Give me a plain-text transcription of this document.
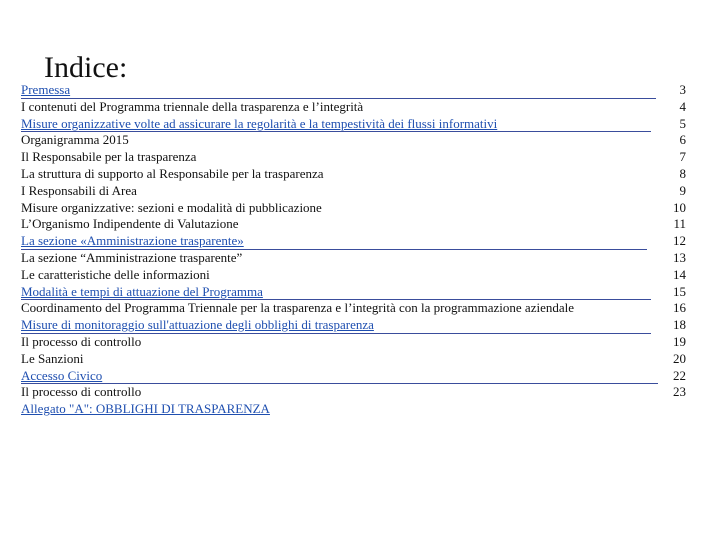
Indice:
Premessa	3
I contenuti del Programma triennale della trasparenza e l’integrità	4
Misure organizzative volte ad assicurare la regolarità e la tempestività dei flussi informativi	5
Organigramma 2015	6
Il Responsabile per la trasparenza	7
La struttura di supporto al Responsabile per la trasparenza	8
I Responsabili di Area	9
Misure organizzative: sezioni e modalità di pubblicazione	10
L’Organismo Indipendente di Valutazione	11
La sezione «Amministrazione trasparente»	12
La sezione “Amministrazione trasparente”	13
Le caratteristiche delle informazioni	14
Modalità e tempi di attuazione del Programma	15
Coordinamento del Programma Triennale per la trasparenza e l’integrità con la programmazione aziendale	16
Misure di monitoraggio sull'attuazione degli obblighi di trasparenza	18
Il processo di controllo	19
Le Sanzioni	20
Accesso Civico	22
Il processo di controllo	23
Allegato "A": OBBLIGHI DI TRASPARENZA
